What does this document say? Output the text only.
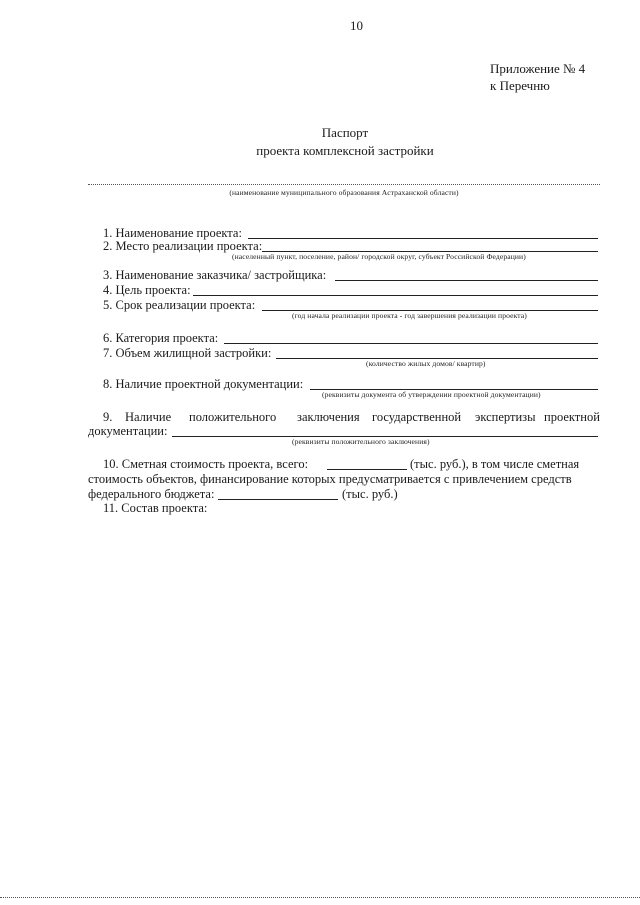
10
Приложение № 4
к Перечню
Паспорт
проекта комплексной застройки
(наименование муниципального образования Астраханской области)
1. Наименование проекта:
2. Место реализации проекта:
(населенный пункт, поселение, район/ городской округ, субъект Российской Федерации)
3. Наименование заказчика/ застройщика:
4. Цель проекта:
5. Срок реализации проекта:
(год начала реализации проекта - год завершения реализации проекта)
6. Категория проекта:
7. Объем жилищной застройки:
(количество жилых домов/ квартир)
8. Наличие проектной документации:
(реквизиты документа об утверждении проектной документации)
9. Наличие положительного заключения государственной экспертизы проектной
документации:
(реквизиты положительного заключения)
10. Сметная стоимость проекта, всего:	(тыс. руб.), в том числе сметная
стоимость объектов, финансирование которых предусматривается с привлечением средств
федерального бюджета:	(тыс. руб.)
11. Состав проекта:
